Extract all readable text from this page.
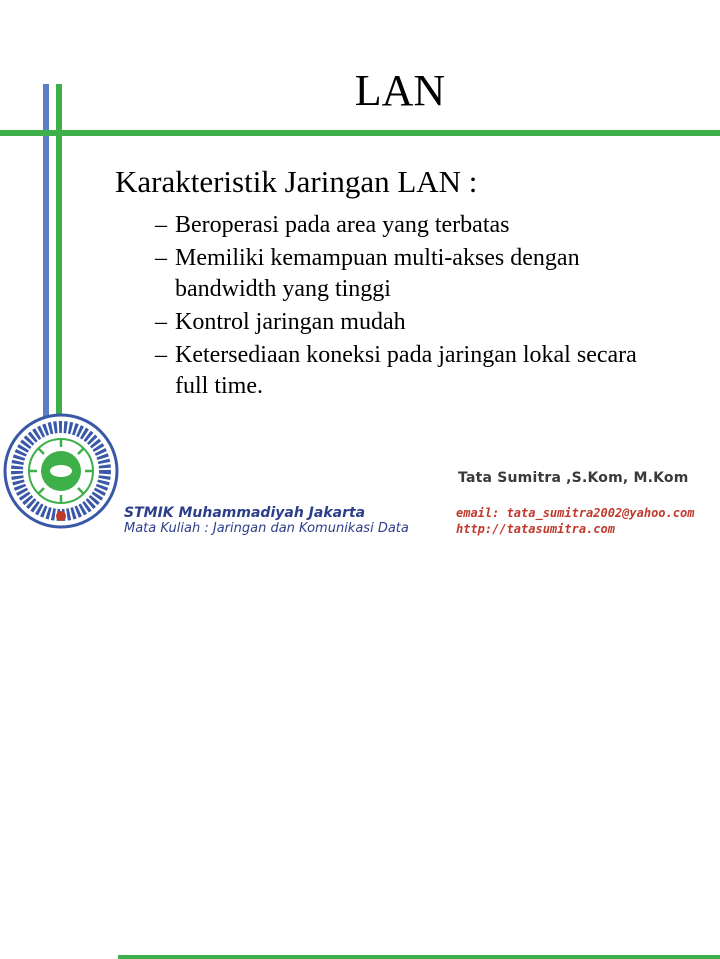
LAN
Karakteristik Jaringan LAN :
– Beroperasi pada area yang terbatas
– Memiliki kemampuan multi-akses dengan bandwidth yang tinggi
– Kontrol jaringan mudah
– Ketersediaan koneksi pada jaringan lokal secara full time.
Tata Sumitra ,S.Kom, M.Kom
STMIK Muhammadiyah Jakarta
Mata Kuliah : Jaringan dan Komunikasi Data
email: tata_sumitra2002@yahoo.com
http://tatasumitra.com
